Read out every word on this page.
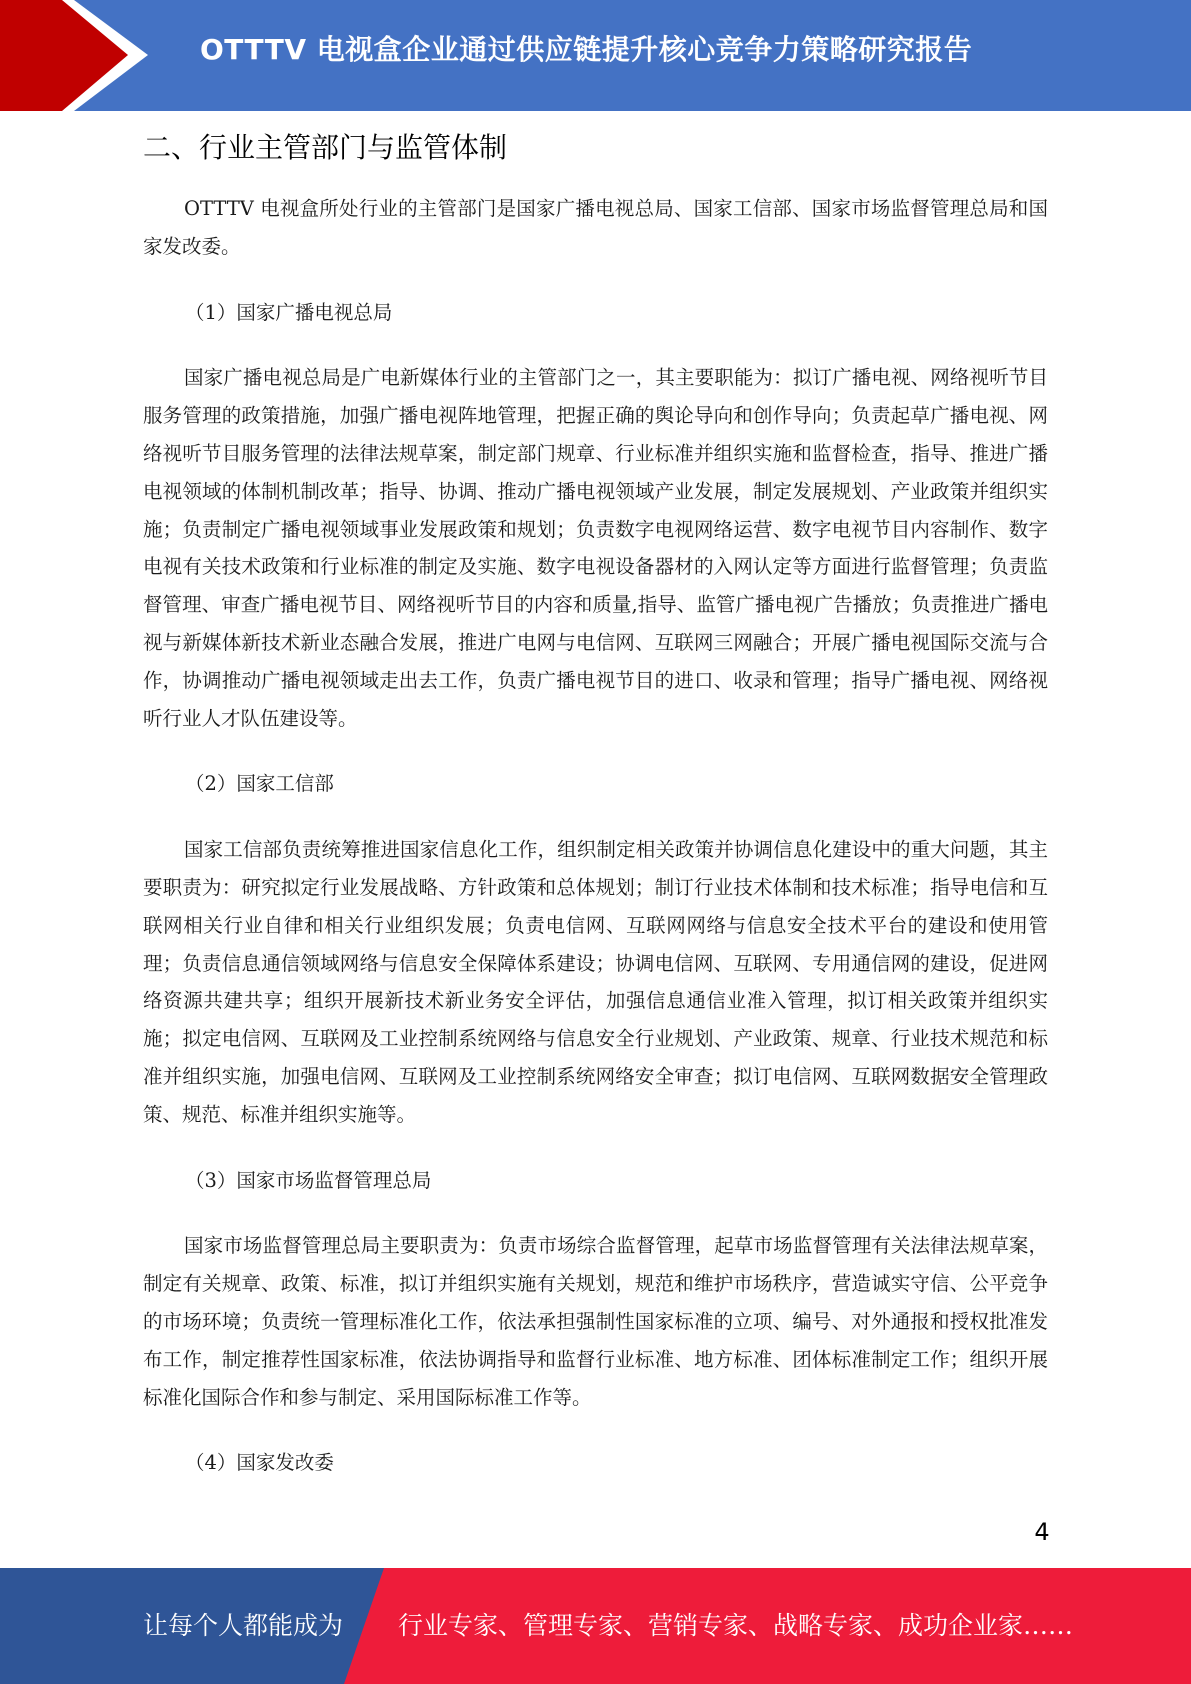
OTTTV 电视盒企业通过供应链提升核心竞争力策略研究报告
二、行业主管部门与监管体制

OTTTV 电视盒所处行业的主管部门是国家广播电视总局、国家工信部、国家市场监督管理总局和国家发改委。

（1）国家广播电视总局

国家广播电视总局是广电新媒体行业的主管部门之一，其主要职能为：拟订广播电视、网络视听节目服务管理的政策措施，加强广播电视阵地管理，把握正确的舆论导向和创作导向；负责起草广播电视、网络视听节目服务管理的法律法规草案，制定部门规章、行业标准并组织实施和监督检查，指导、推进广播电视领域的体制机制改革；指导、协调、推动广播电视领域产业发展，制定发展规划、产业政策并组织实施；负责制定广播电视领域事业发展政策和规划；负责数字电视网络运营、数字电视节目内容制作、数字电视有关技术政策和行业标准的制定及实施、数字电视设备器材的入网认定等方面进行监督管理；负责监督管理、审查广播电视节目、网络视听节目的内容和质量,指导、监管广播电视广告播放；负责推进广播电视与新媒体新技术新业态融合发展，推进广电网与电信网、互联网三网融合；开展广播电视国际交流与合作，协调推动广播电视领域走出去工作，负责广播电视节目的进口、收录和管理；指导广播电视、网络视听行业人才队伍建设等。

（2）国家工信部

国家工信部负责统筹推进国家信息化工作，组织制定相关政策并协调信息化建设中的重大问题，其主要职责为：研究拟定行业发展战略、方针政策和总体规划；制订行业技术体制和技术标准；指导电信和互联网相关行业自律和相关行业组织发展；负责电信网、互联网网络与信息安全技术平台的建设和使用管理；负责信息通信领域网络与信息安全保障体系建设；协调电信网、互联网、专用通信网的建设，促进网络资源共建共享；组织开展新技术新业务安全评估，加强信息通信业准入管理，拟订相关政策并组织实施；拟定电信网、互联网及工业控制系统网络与信息安全行业规划、产业政策、规章、行业技术规范和标准并组织实施，加强电信网、互联网及工业控制系统网络安全审查；拟订电信网、互联网数据安全管理政策、规范、标准并组织实施等。

（3）国家市场监督管理总局

国家市场监督管理总局主要职责为：负责市场综合监督管理，起草市场监督管理有关法律法规草案，制定有关规章、政策、标准，拟订并组织实施有关规划，规范和维护市场秩序，营造诚实守信、公平竞争的市场环境；负责统一管理标准化工作，依法承担强制性国家标准的立项、编号、对外通报和授权批准发布工作，制定推荐性国家标准，依法协调指导和监督行业标准、地方标准、团体标准制定工作；组织开展标准化国际合作和参与制定、采用国际标准工作等。

（4）国家发改委

4
让每个人都能成为 行业专家、管理专家、营销专家、战略专家、成功企业家……
